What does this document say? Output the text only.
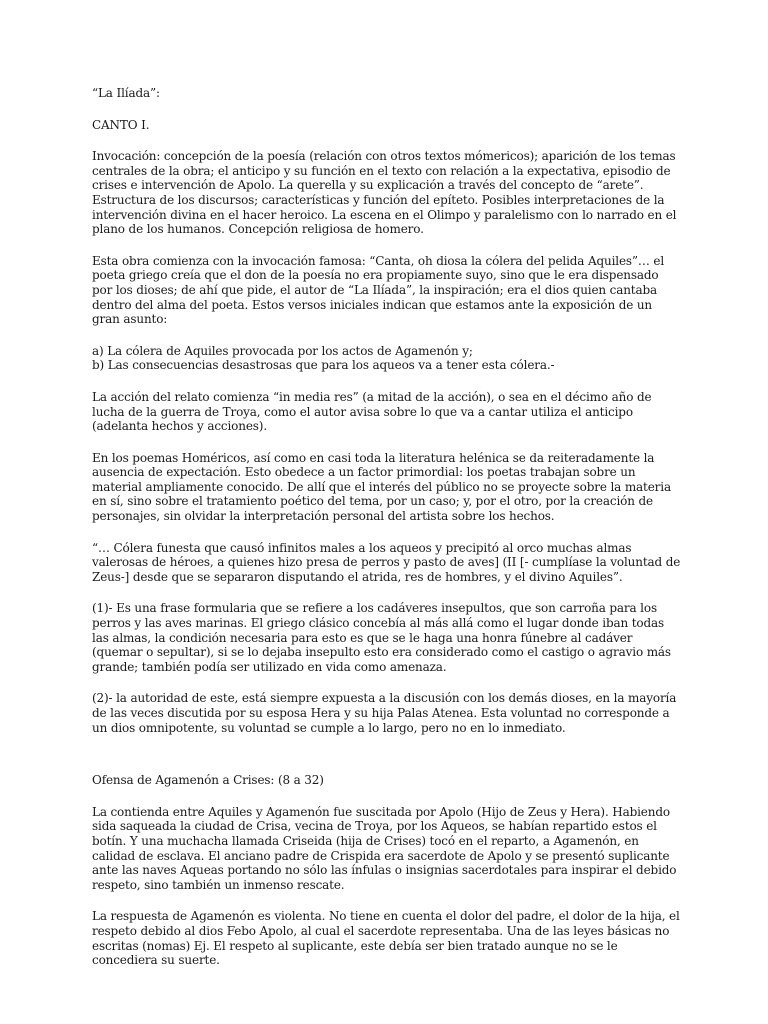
“La Ilíada”:

CANTO I.

Invocación: concepción de la poesía (relación con otros textos mómericos); aparición de los temas centrales de la obra; el anticipo y su función en el texto con relación a la expectativa, episodio de crises e intervención de Apolo. La querella y su explicación a través del concepto de “arete”. Estructura de los discursos; características y función del epíteto. Posibles interpretaciones de la intervención divina en el hacer heroico. La escena en el Olimpo y paralelismo con lo narrado en el plano de los humanos. Concepción religiosa de homero.

Esta obra comienza con la invocación famosa: “Canta, oh diosa la cólera del pelida Aquiles”… el poeta griego creía que el don de la poesía no era propiamente suyo, sino que le era dispensado por los dioses; de ahí que pide, el autor de “La Ilíada”, la inspiración; era el dios quien cantaba dentro del alma del poeta. Estos versos iniciales indican que estamos ante la exposición de un gran asunto:

a) La cólera de Aquiles provocada por los actos de Agamenón y;
b) Las consecuencias desastrosas que para los aqueos va a tener esta cólera.-

La acción del relato comienza “in media res” (a mitad de la acción), o sea en el décimo año de lucha de la guerra de Troya, como el autor avisa sobre lo que va a cantar utiliza el anticipo (adelanta hechos y acciones).

En los poemas Homéricos, así como en casi toda la literatura helénica se da reiteradamente la ausencia de expectación. Esto obedece a un factor primordial: los poetas trabajan sobre un material ampliamente conocido. De allí que el interés del público no se proyecte sobre la materia en sí, sino sobre el tratamiento poético del tema, por un caso; y, por el otro, por la creación de personajes, sin olvidar la interpretación personal del artista sobre los hechos.

“… Cólera funesta que causó infinitos males a los aqueos y precipitó al orco muchas almas valerosas de héroes, a quienes hizo presa de perros y pasto de aves] (II [- cumplíase la voluntad de Zeus-] desde que se separaron disputando el atrida, res de hombres, y el divino Aquiles”.

(1)- Es una frase formularia que se refiere a los cadáveres insepultos, que son carroña para los perros y las aves marinas. El griego clásico concebía al más allá como el lugar donde iban todas las almas, la condición necesaria para esto es que se le haga una honra fúnebre al cadáver (quemar o sepultar), si se lo dejaba insepulto esto era considerado como el castigo o agravio más grande; también podía ser utilizado en vida como amenaza.

(2)- la autoridad de este, está siempre expuesta a la discusión con los demás dioses, en la mayoría de las veces discutida por su esposa Hera y su hija Palas Atenea. Esta voluntad no corresponde a un dios omnipotente, su voluntad se cumple a lo largo, pero no en lo inmediato.

Ofensa de Agamenón a Crises: (8 a 32)

La contienda entre Aquiles y Agamenón fue suscitada por Apolo (Hijo de Zeus y Hera). Habiendo sida saqueada la ciudad de Crisa, vecina de Troya, por los Aqueos, se habían repartido estos el botín. Y una muchacha llamada Criseida (hija de Crises) tocó en el reparto, a Agamenón, en calidad de esclava. El anciano padre de Crispida era sacerdote de Apolo y se presentó suplicante ante las naves Aqueas portando no sólo las ínfulas o insignias sacerdotales para inspirar el debido respeto, sino también un inmenso rescate.

La respuesta de Agamenón es violenta. No tiene en cuenta el dolor del padre, el dolor de la hija, el respeto debido al dios Febo Apolo, al cual el sacerdote representaba. Una de las leyes básicas no escritas (nomas) Ej. El respeto al suplicante, este debía ser bien tratado aunque no se le concediera su suerte.
